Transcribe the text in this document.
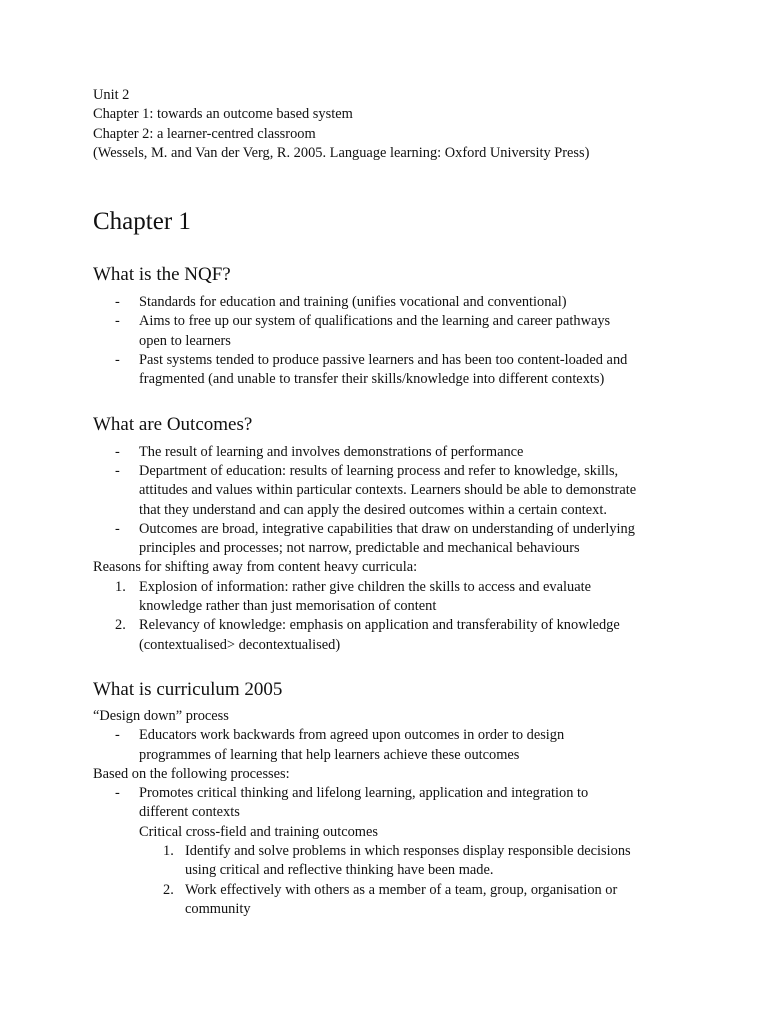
Unit 2

Chapter 1: towards an outcome based system

Chapter 2: a learner-centred classroom

(Wessels, M. and Van der Verg, R. 2005. Language learning: Oxford University Press)

Chapter 1
What is the NQF?
- Standards for education and training (unifies vocational and conventional)
- Aims to free up our system of qualifications and the learning and career pathways
open to learners
- Past systems tended to produce passive learners and has been too content-loaded and
fragmented (and unable to transfer their skills/knowledge into different contexts)
What are Outcomes?
- The result of learning and involves demonstrations of performance
- Department of education: results of learning process and refer to knowledge, skills,
attitudes and values within particular contexts. Learners should be able to demonstrate
that they understand and can apply the desired outcomes within a certain context.
- Outcomes are broad, integrative capabilities that draw on understanding of underlying
principles and processes; not narrow, predictable and mechanical behaviours

Reasons for shifting away from content heavy curricula:

1. Explosion of information: rather give children the skills to access and evaluate
knowledge rather than just memorisation of content
2. Relevancy of knowledge: emphasis on application and transferability of knowledge
(contextualised> decontextualised)
What is curriculum 2005

“Design down” process

- Educators work backwards from agreed upon outcomes in order to design
programmes of learning that help learners achieve these outcomes

Based on the following processes:

- Promotes critical thinking and lifelong learning, application and integration to
different contexts

Critical cross-field and training outcomes

1. Identify and solve problems in which responses display responsible decisions
using critical and reflective thinking have been made.
2. Work effectively with others as a member of a team, group, organisation or
community
